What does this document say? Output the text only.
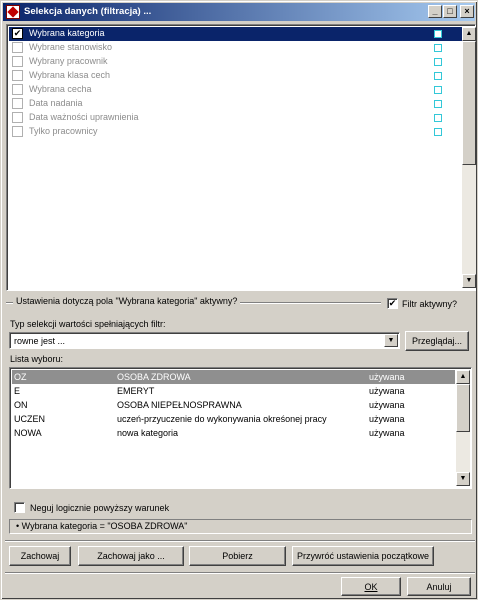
Selekcja danych (filtracja) ...	_	□	×
✔ Wybrana kategoria
Wybrane stanowisko
Wybrany pracownik
Wybrana klasa cech
Wybrana cecha
Data nadania
Data ważności uprawnienia
Tylko pracownicy
▲
▼
Ustawienia dotyczą pola "Wybrana kategoria" aktywny?	✔ Filtr aktywny?
Typ selekcji wartości spełniających filtr:
rowne jest ...	▼	Przeglądaj...
Lista wyboru:
OZ	OSOBA ZDROWA	używana
E	EMERYT	używana
ON	OSOBA NIEPEŁNOSPRAWNA	używana
UCZEN	uczeń-przyuczenie do wykonywania okreśonej pracy	używana
NOWA	nowa kategoria	używana
▲
▼
Neguj logicznie powyższy warunek
• Wybrana kategoria = "OSOBA ZDROWA"
Zachowaj	Zachowaj jako ...	Pobierz	Przywróć ustawienia początkowe
OK	Anuluj
